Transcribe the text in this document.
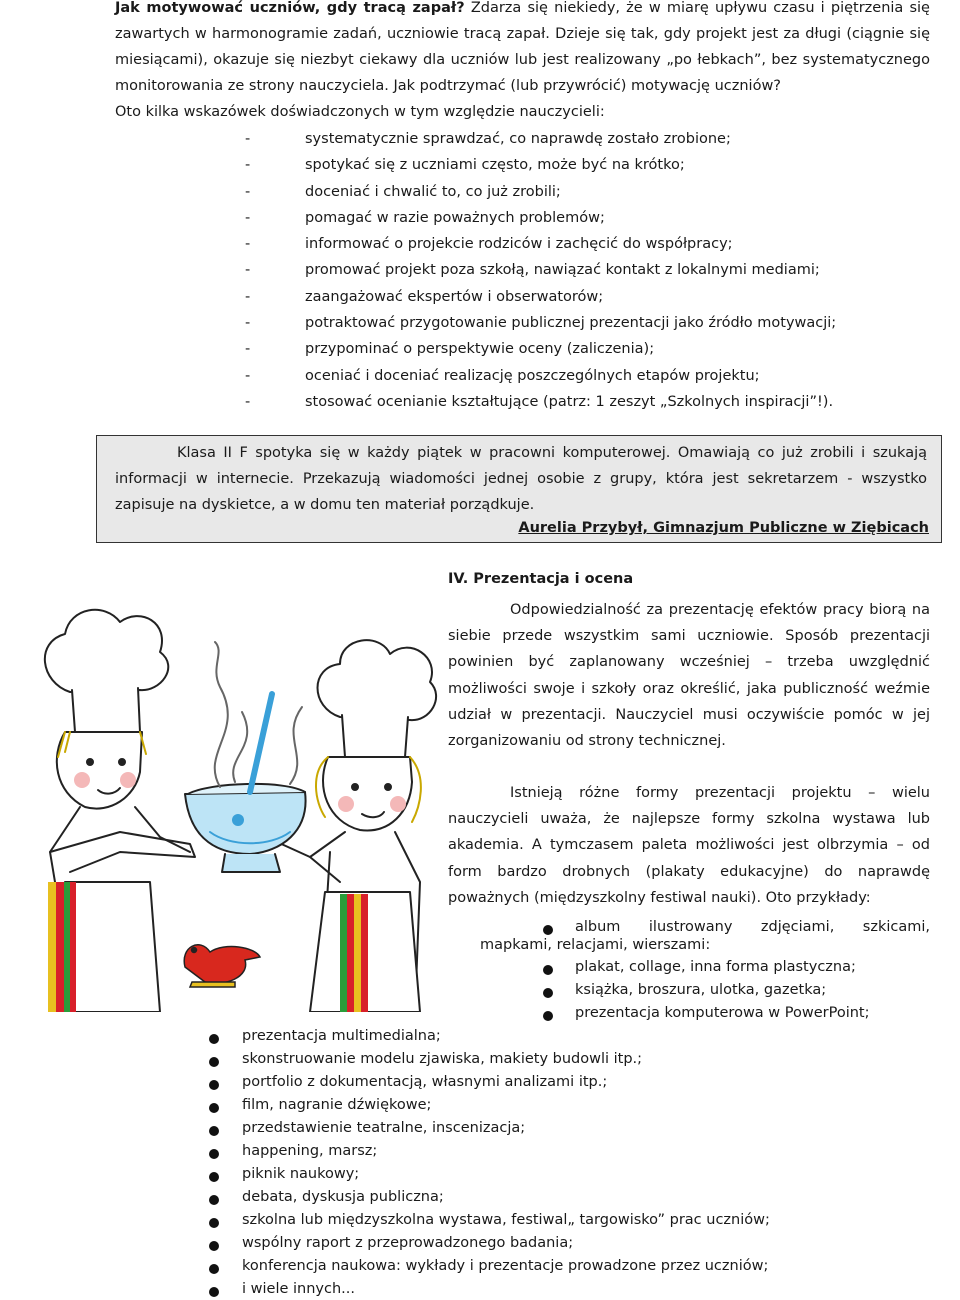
Jak motywować uczniów, gdy tracą zapał? Zdarza się niekiedy, że w miarę upływu czasu i piętrzenia się zawartych w harmonogramie zadań, uczniowie tracą zapał. Dzieje się tak, gdy projekt jest za długi (ciągnie się miesiącami), okazuje się niezbyt ciekawy dla uczniów lub jest realizowany „po łebkach”, bez systematycznego monitorowania ze strony nauczyciela. Jak podtrzymać (lub przywrócić) motywację uczniów?
Oto kilka wskazówek doświadczonych w tym względzie nauczycieli:
-	systematycznie sprawdzać, co naprawdę zostało zrobione;
-	spotykać się z uczniami często, może być na krótko;
-	doceniać i chwalić to, co już zrobili;
-	pomagać w razie poważnych problemów;
-	informować o projekcie rodziców i zachęcić do współpracy;
-	promować projekt poza szkołą, nawiązać kontakt z lokalnymi mediami;
-	zaangażować ekspertów i obserwatorów;
-	potraktować przygotowanie publicznej prezentacji jako źródło motywacji;
-	przypominać o perspektywie oceny (zaliczenia);
-	oceniać i doceniać realizację poszczególnych etapów projektu;
-	stosować ocenianie kształtujące (patrz: 1 zeszyt „Szkolnych inspiracji”!).
Klasa II F spotyka się w każdy piątek w pracowni komputerowej. Omawiają co już zrobili i szukają informacji w internecie. Przekazują wiadomości jednej osobie z grupy, która jest sekretarzem - wszystko zapisuje na dyskietce, a w domu ten materiał porządkuje.
Aurelia Przybył, Gimnazjum Publiczne w Ziębicach
IV. Prezentacja i ocena
Odpowiedzialność za prezentację efektów pracy biorą na siebie przede wszystkim sami uczniowie. Sposób prezentacji powinien być zaplanowany wcześniej – trzeba uwzględnić możliwości swoje i szkoły oraz określić, jaka publiczność weźmie udział w prezentacji. Nauczyciel musi oczywiście pomóc w jej zorganizowaniu od strony technicznej.
Istnieją różne formy prezentacji projektu – wielu nauczycieli uważa, że najlepsze formy szkolna wystawa lub akademia. A tymczasem paleta możliwości jest olbrzymia – od form bardzo drobnych (plakaty edukacyjne) do naprawdę poważnych (międzyszkolny festiwal nauki). Oto przykłady:
album ilustrowany zdjęciami, szkicami,
mapkami, relacjami, wierszami:
plakat, collage, inna forma plastyczna;
książka, broszura, ulotka, gazetka;
prezentacja komputerowa w PowerPoint;
prezentacja multimedialna;
skonstruowanie modelu zjawiska, makiety budowli itp.;
portfolio z dokumentacją, własnymi analizami itp.;
film, nagranie dźwiękowe;
przedstawienie teatralne, inscenizacja;
happening, marsz;
piknik naukowy;
debata, dyskusja publiczna;
szkolna lub międzyszkolna wystawa, festiwal„ targowisko” prac uczniów;
wspólny raport z przeprowadzonego badania;
konferencja naukowa: wykłady i prezentacje prowadzone przez uczniów;
i wiele innych...
